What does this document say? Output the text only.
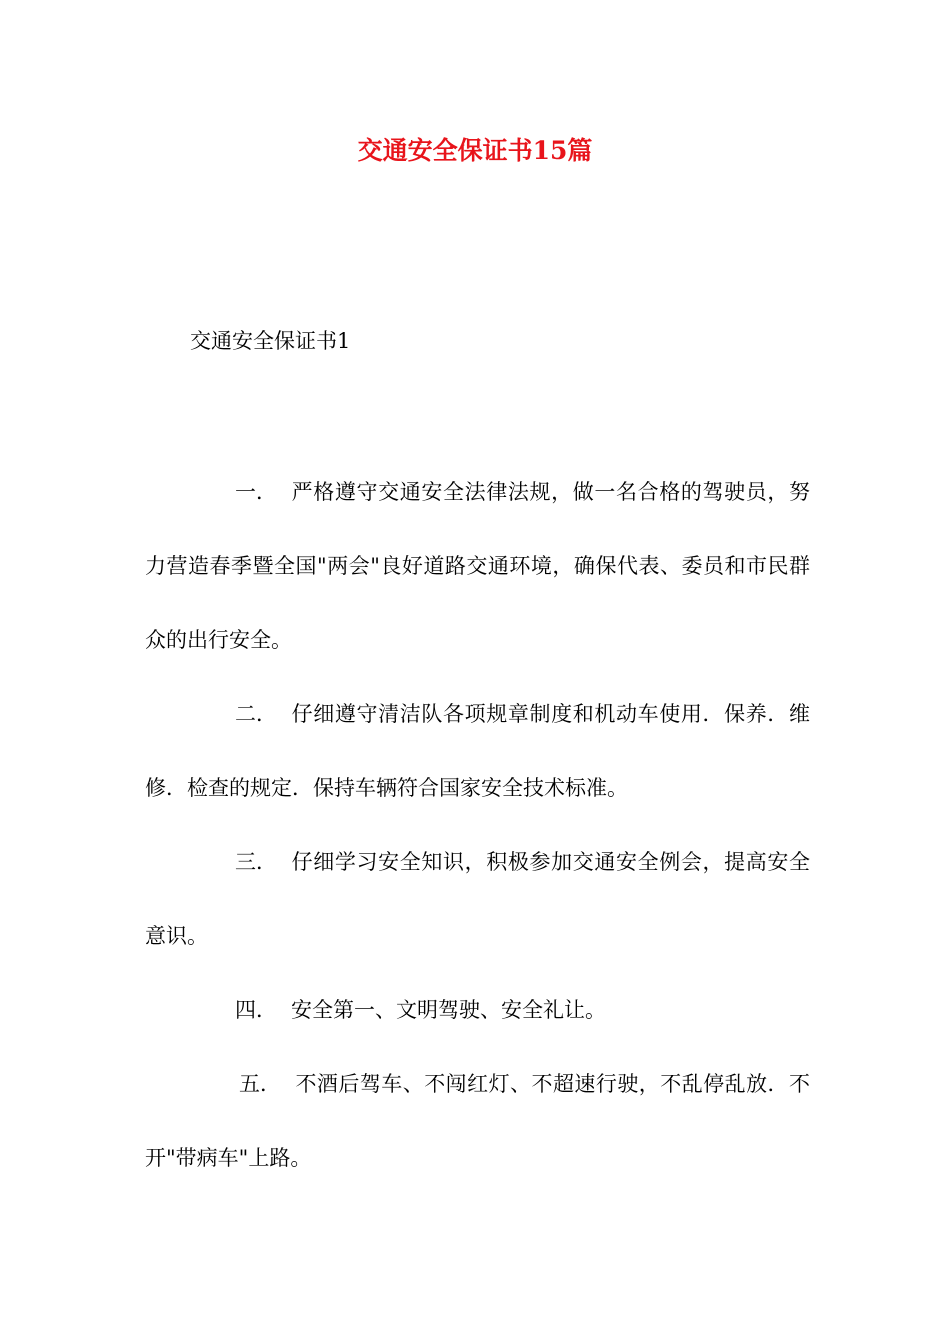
交通安全保证书15篇
交通安全保证书1
一． 严格遵守交通安全法律法规，做一名合格的驾驶员，努力营造春季暨全国"两会"良好道路交通环境，确保代表、委员和市民群众的出行安全。
二． 仔细遵守清洁队各项规章制度和机动车使用．保养．维修．检查的规定．保持车辆符合国家安全技术标准。
三． 仔细学习安全知识，积极参加交通安全例会，提高安全意识。
四． 安全第一、文明驾驶、安全礼让。
五． 不酒后驾车、不闯红灯、不超速行驶，不乱停乱放．不开"带病车"上路。
